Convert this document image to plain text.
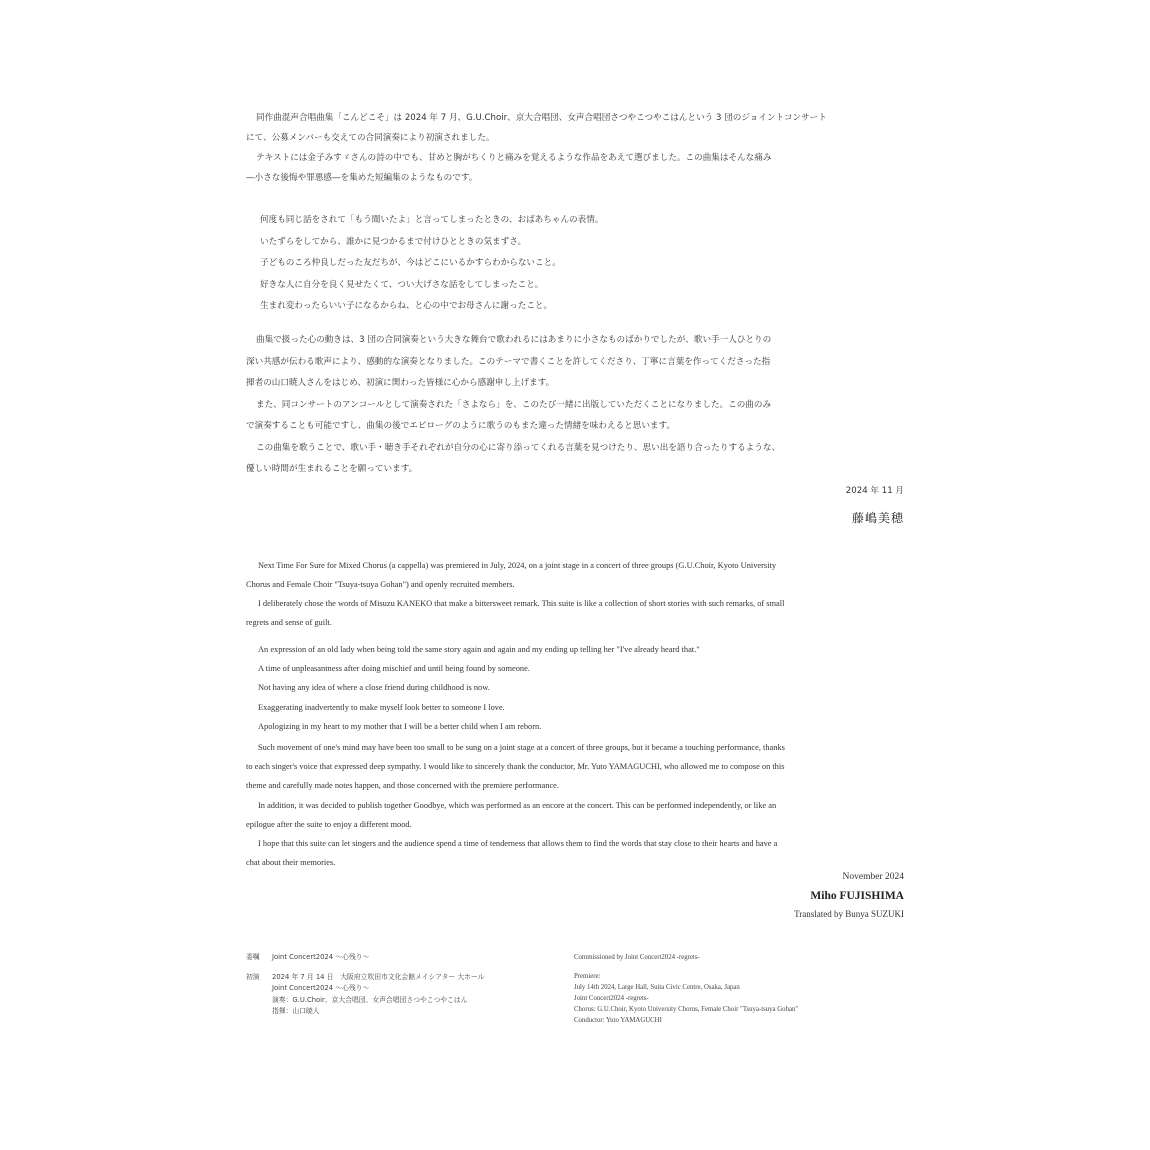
同作曲混声合唱曲集「こんどこそ」は 2024 年 7 月、G.U.Choir、京大合唱団、女声合唱団さつやこつやこはんという 3 団のジョイントコンサート

にて、公募メンバーも交えての合同演奏により初演されました。

テキストには金子みすゞさんの詩の中でも、甘めと胸がちくりと痛みを覚えるような作品をあえて選びました。この曲集はそんな痛み

—小さな後悔や罪悪感—を集めた短編集のようなものです。

何度も同じ話をされて「もう聞いたよ」と言ってしまったときの、おばあちゃんの表情。

いたずらをしてから、誰かに見つかるまで付けひとときの気まずさ。

子どものころ仲良しだった友だちが、今はどこにいるかすらわからないこと。

好きな人に自分を良く見せたくて、つい大げさな話をしてしまったこと。

生まれ変わったらいい子になるからね、と心の中でお母さんに謝ったこと。

曲集で扱った心の動きは、3 団の合同演奏という大きな舞台で歌われるにはあまりに小さなものばかりでしたが、歌い手一人ひとりの

深い共感が伝わる歌声により、感動的な演奏となりました。このテーマで書くことを許してくださり、丁寧に言葉を作ってくださった指

揮者の山口暁人さんをはじめ、初演に関わった皆様に心から感謝申し上げます。

また、同コンサートのアンコールとして演奏された「さよなら」を、このたび一緒に出版していただくことになりました。この曲のみ

で演奏することも可能ですし、曲集の後でエピローグのように歌うのもまた違った情緒を味わえると思います。

この曲集を歌うことで、歌い手・聴き手それぞれが自分の心に寄り添ってくれる言葉を見つけたり、思い出を語り合ったりするような、

優しい時間が生まれることを願っています。

2024 年 11 月
藤嶋美穂

Next Time For Sure for Mixed Chorus (a cappella) was premiered in July, 2024, on a joint stage in a concert of three groups (G.U.Choir, Kyoto University

Chorus and Female Choir "Tsuya-tsuya Gohan") and openly recruited members.

I deliberately chose the words of Misuzu KANEKO that make a bittersweet remark. This suite is like a collection of short stories with such remarks, of small

regrets and sense of guilt.

An expression of an old lady when being told the same story again and again and my ending up telling her "I've already heard that."

A time of unpleasantness after doing mischief and until being found by someone.

Not having any idea of where a close friend during childhood is now.

Exaggerating inadvertently to make myself look better to someone I love.

Apologizing in my heart to my mother that I will be a better child when I am reborn.

Such movement of one's mind may have been too small to be sung on a joint stage at a concert of three groups, but it became a touching performance, thanks

to each singer's voice that expressed deep sympathy. I would like to sincerely thank the conductor, Mr. Yuto YAMAGUCHI, who allowed me to compose on this

theme and carefully made notes happen, and those concerned with the premiere performance.

In addition, it was decided to publish together Goodbye, which was performed as an encore at the concert. This can be performed independently, or like an

epilogue after the suite to enjoy a different mood.

I hope that this suite can let singers and the audience spend a time of tenderness that allows them to find the words that stay close to their hearts and have a

chat about their memories.

November 2024
Miho FUJISHIMA
Translated by Bunya SUZUKI
委嘱	Joint Concert2024 ～心残り～
初演	2024 年 7 月 14 日　大阪府立吹田市文化会館メイシアター 大ホール
Joint Concert2024 ～心残り～
演奏：G.U.Choir、京大合唱団、女声合唱団さつやこつやこはん
指揮：山口暁人
Commissioned by Joint Concert2024 -regrets-
Premiere:
July 14th 2024, Large Hall, Suita Civic Centre, Osaka, Japan
Joint Concert2024 -regrets-
Chorus: G.U.Choir, Kyoto University Chorus, Female Choir "Tsuya-tsuya Gohan"
Conductor: Yuto YAMAGUCHI
